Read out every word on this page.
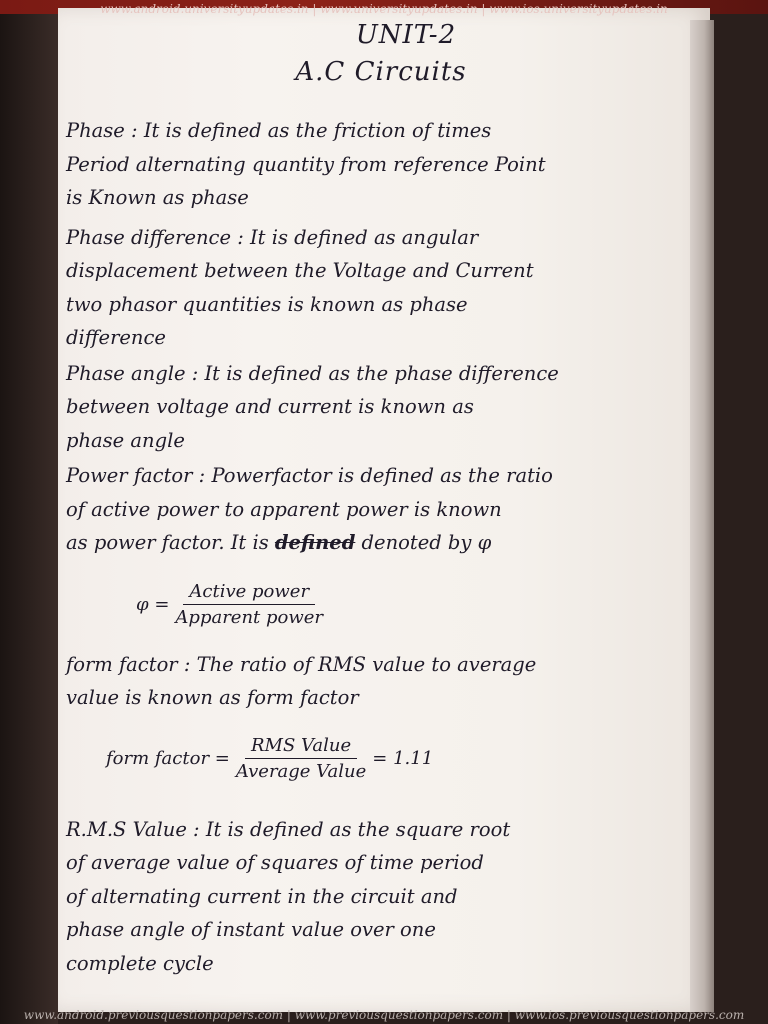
www.android.universityupdates.in | www.universityupdates.in | www.ios.universityupdates.in
UNIT-2
A.C Circuits

Phase : It is defined as the friction of times
Period alternating quantity from reference Point
is Known as phase

Phase difference : It is defined as angular
displacement between the Voltage and Current
two phasor quantities is known as phase
difference

Phase angle : It is defined as the phase difference
between voltage and current is known as
phase angle

Power factor : Powerfactor is defined as the ratio
of active power to apparent power is known
as power factor. It is defined denoted by φ

$\varphi = \frac{\text{Active power}}{\text{Apparent power}}$

form factor : The ratio of RMS value to average
value is known as form factor

form factor = $\frac{\text{RMS Value}}{\text{Average Value}} = 1.11$

R.M.S Value : It is defined as the square root
of average value of squares of time period
of alternating current in the circuit and
phase angle of instant value over one
complete cycle

www.android.previousquestionpapers.com | www.previousquestionpapers.com | www.ios.previousquestionpapers.com
